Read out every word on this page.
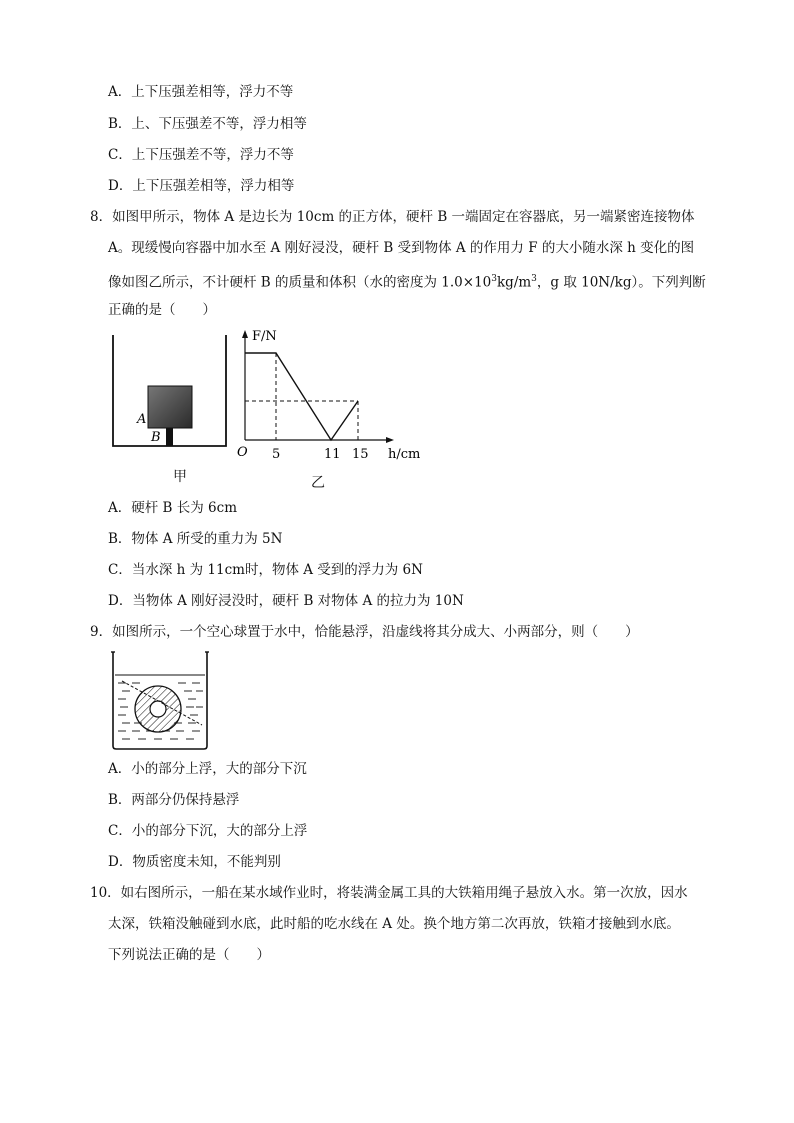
A．上下压强差相等，浮力不等
B．上、下压强差不等，浮力相等
C．上下压强差不等，浮力不等
D．上下压强差相等，浮力相等
8．如图甲所示，物体 A 是边长为 10cm 的正方体，硬杆 B 一端固定在容器底，另一端紧密连接物体
A。现缓慢向容器中加水至 A 刚好浸没，硬杆 B 受到物体 A 的作用力 F 的大小随水深 h 变化的图
像如图乙所示，不计硬杆 B 的质量和体积（水的密度为 $1.0\times 10^3kg/m^3$，g 取 10N/kg）。下列判断
正确的是（　　）
A
B
甲
F/N
h/cm
O 5	11 15
乙
A．硬杆 B 长为 6cm
B．物体 A 所受的重力为 5N
C．当水深 h 为 11cm时，物体 A 受到的浮力为 6N
D．当物体 A 刚好浸没时，硬杆 B 对物体 A 的拉力为 10N
9．如图所示，一个空心球置于水中，恰能悬浮，沿虚线将其分成大、小两部分，则（　　）
A．小的部分上浮，大的部分下沉
B．两部分仍保持悬浮
C．小的部分下沉，大的部分上浮
D．物质密度未知，不能判别
10．如右图所示，一船在某水域作业时，将装满金属工具的大铁箱用绳子悬放入水。第一次放，因水
太深，铁箱没触碰到水底，此时船的吃水线在 A 处。换个地方第二次再放，铁箱才接触到水底。
下列说法正确的是（　　）
